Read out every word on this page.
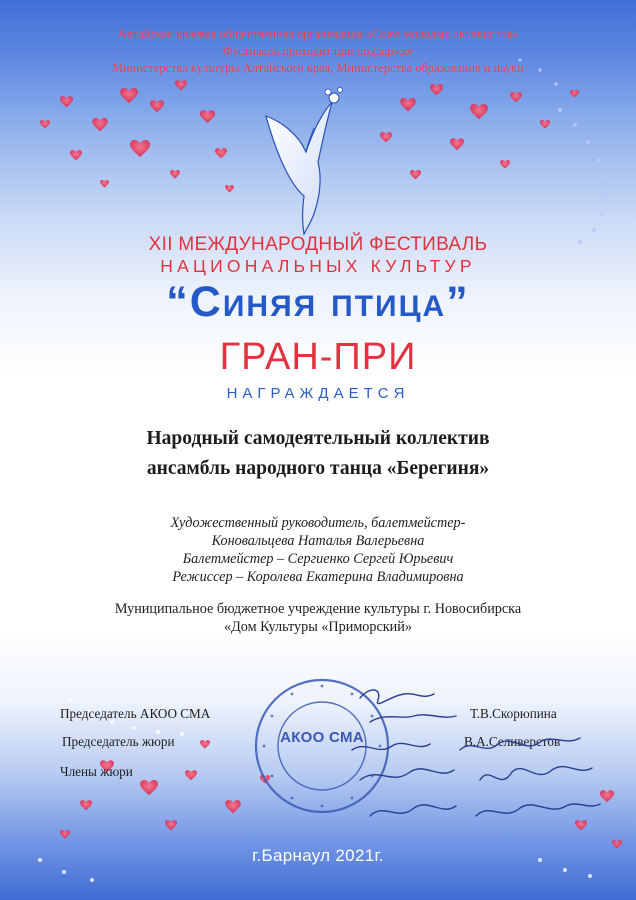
Алтайская краевая общественная организация «Союз молодых активистов»
Фестиваль проходит при поддержке
Министерства культуры Алтайского края, Министерства образования и науки
XII МЕЖДУНАРОДНЫЙ ФЕСТИВАЛЬ
НАЦИОНАЛЬНЫХ КУЛЬТУР
“Синяя птица”
ГРАН-ПРИ
НАГРАЖДАЕТСЯ
Народный самодеятельный коллектив
ансамбль народного танца «Берегиня»
Художественный руководитель, балетмейстер-
Коновальцева Наталья Валерьевна
Балетмейстер – Сергиенко Сергей Юрьевич
Режиссер – Королева Екатерина Владимировна
Муниципальное бюджетное учреждение культуры г. Новосибирска
«Дом Культуры «Приморский»
Председатель АКОО СМА
Председатель жюри
Члены жюри
Т.В.Скорюпина
В.А.Селиверстов
АКОО СМА
г.Барнаул 2021г.
